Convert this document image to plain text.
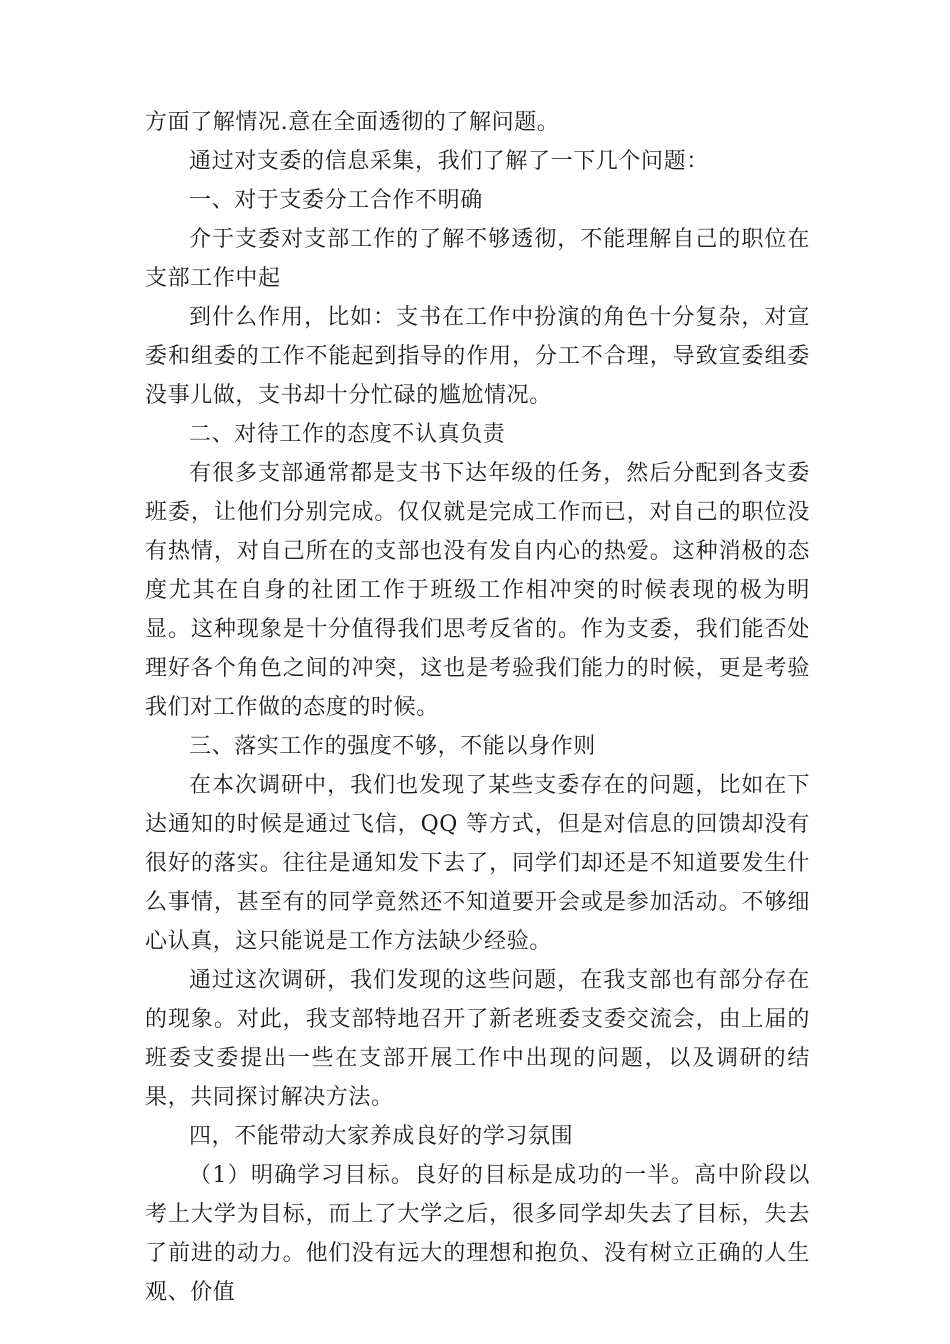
方面了解情况.意在全面透彻的了解问题。

通过对支委的信息采集，我们了解了一下几个问题：

一、对于支委分工合作不明确

介于支委对支部工作的了解不够透彻，不能理解自己的职位在支部工作中起

到什么作用，比如：支书在工作中扮演的角色十分复杂，对宣委和组委的工作不能起到指导的作用，分工不合理，导致宣委组委没事儿做，支书却十分忙碌的尴尬情况。

二、对待工作的态度不认真负责

有很多支部通常都是支书下达年级的任务，然后分配到各支委班委，让他们分别完成。仅仅就是完成工作而已，对自己的职位没有热情，对自己所在的支部也没有发自内心的热爱。这种消极的态度尤其在自身的社团工作于班级工作相冲突的时候表现的极为明显。这种现象是十分值得我们思考反省的。作为支委，我们能否处理好各个角色之间的冲突，这也是考验我们能力的时候，更是考验我们对工作做的态度的时候。

三、落实工作的强度不够，不能以身作则

在本次调研中，我们也发现了某些支委存在的问题，比如在下达通知的时候是通过飞信，QQ 等方式，但是对信息的回馈却没有很好的落实。往往是通知发下去了，同学们却还是不知道要发生什么事情，甚至有的同学竟然还不知道要开会或是参加活动。不够细心认真，这只能说是工作方法缺少经验。

通过这次调研，我们发现的这些问题，在我支部也有部分存在的现象。对此，我支部特地召开了新老班委支委交流会，由上届的班委支委提出一些在支部开展工作中出现的问题，以及调研的结果，共同探讨解决方法。

四，不能带动大家养成良好的学习氛围

（1）明确学习目标。良好的目标是成功的一半。高中阶段以考上大学为目标，而上了大学之后，很多同学却失去了目标，失去了前进的动力。他们没有远大的理想和抱负、没有树立正确的人生观、价值
